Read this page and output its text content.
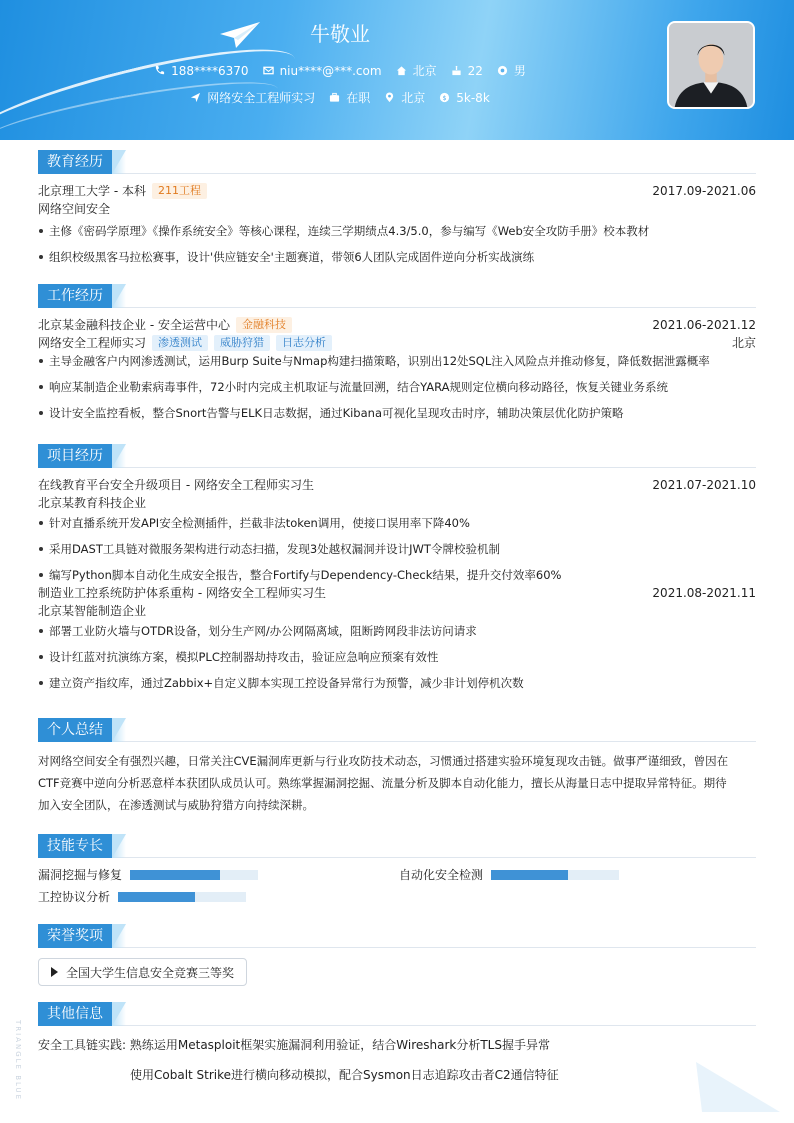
牛敬业
188****6370	niu****@***.com	北京	22	男
网络安全工程师实习	在职	北京 $ 5k-8k
教育经历
北京理工大学 - 本科	211工程	2017.09-2021.06
网络空间安全
主修《密码学原理》《操作系统安全》等核心课程，连续三学期绩点4.3/5.0，参与编写《Web安全攻防手册》校本教材
组织校级黑客马拉松赛事，设计'供应链安全'主题赛道，带领6人团队完成固件逆向分析实战演练
工作经历
北京某金融科技企业 - 安全运营中心	金融科技	2021.06-2021.12
网络安全工程师实习	渗透测试	威胁狩猎	日志分析	北京
主导金融客户内网渗透测试，运用Burp Suite与Nmap构建扫描策略，识别出12处SQL注入风险点并推动修复，降低数据泄露概率
响应某制造企业勒索病毒事件，72小时内完成主机取证与流量回溯，结合YARA规则定位横向移动路径，恢复关键业务系统
设计安全监控看板，整合Snort告警与ELK日志数据，通过Kibana可视化呈现攻击时序，辅助决策层优化防护策略
项目经历
在线教育平台安全升级项目 - 网络安全工程师实习生	2021.07-2021.10
北京某教育科技企业
针对直播系统开发API安全检测插件，拦截非法token调用，使接口误用率下降40%
采用DAST工具链对微服务架构进行动态扫描，发现3处越权漏洞并设计JWT令牌校验机制
编写Python脚本自动化生成安全报告，整合Fortify与Dependency-Check结果，提升交付效率60%
制造业工控系统防护体系重构 - 网络安全工程师实习生	2021.08-2021.11
北京某智能制造企业
部署工业防火墙与OTDR设备，划分生产网/办公网隔离域，阻断跨网段非法访问请求
设计红蓝对抗演练方案，模拟PLC控制器劫持攻击，验证应急响应预案有效性
建立资产指纹库，通过Zabbix+自定义脚本实现工控设备异常行为预警，减少非计划停机次数
个人总结
对网络空间安全有强烈兴趣，日常关注CVE漏洞库更新与行业攻防技术动态，习惯通过搭建实验环境复现攻击链。做事严谨细致，曾因在
CTF竞赛中逆向分析恶意样本获团队成员认可。熟练掌握漏洞挖掘、流量分析及脚本自动化能力，擅长从海量日志中提取异常特征。期待
加入安全团队，在渗透测试与威胁狩猎方向持续深耕。
技能专长
漏洞挖掘与修复	自动化安全检测
工控协议分析
荣誉奖项
全国大学生信息安全竞赛三等奖
其他信息
安全工具链实践: 熟练运用Metasploit框架实施漏洞利用验证，结合Wireshark分析TLS握手异常
使用Cobalt Strike进行横向移动模拟，配合Sysmon日志追踪攻击者C2通信特征
TRIANGLE BLUE
